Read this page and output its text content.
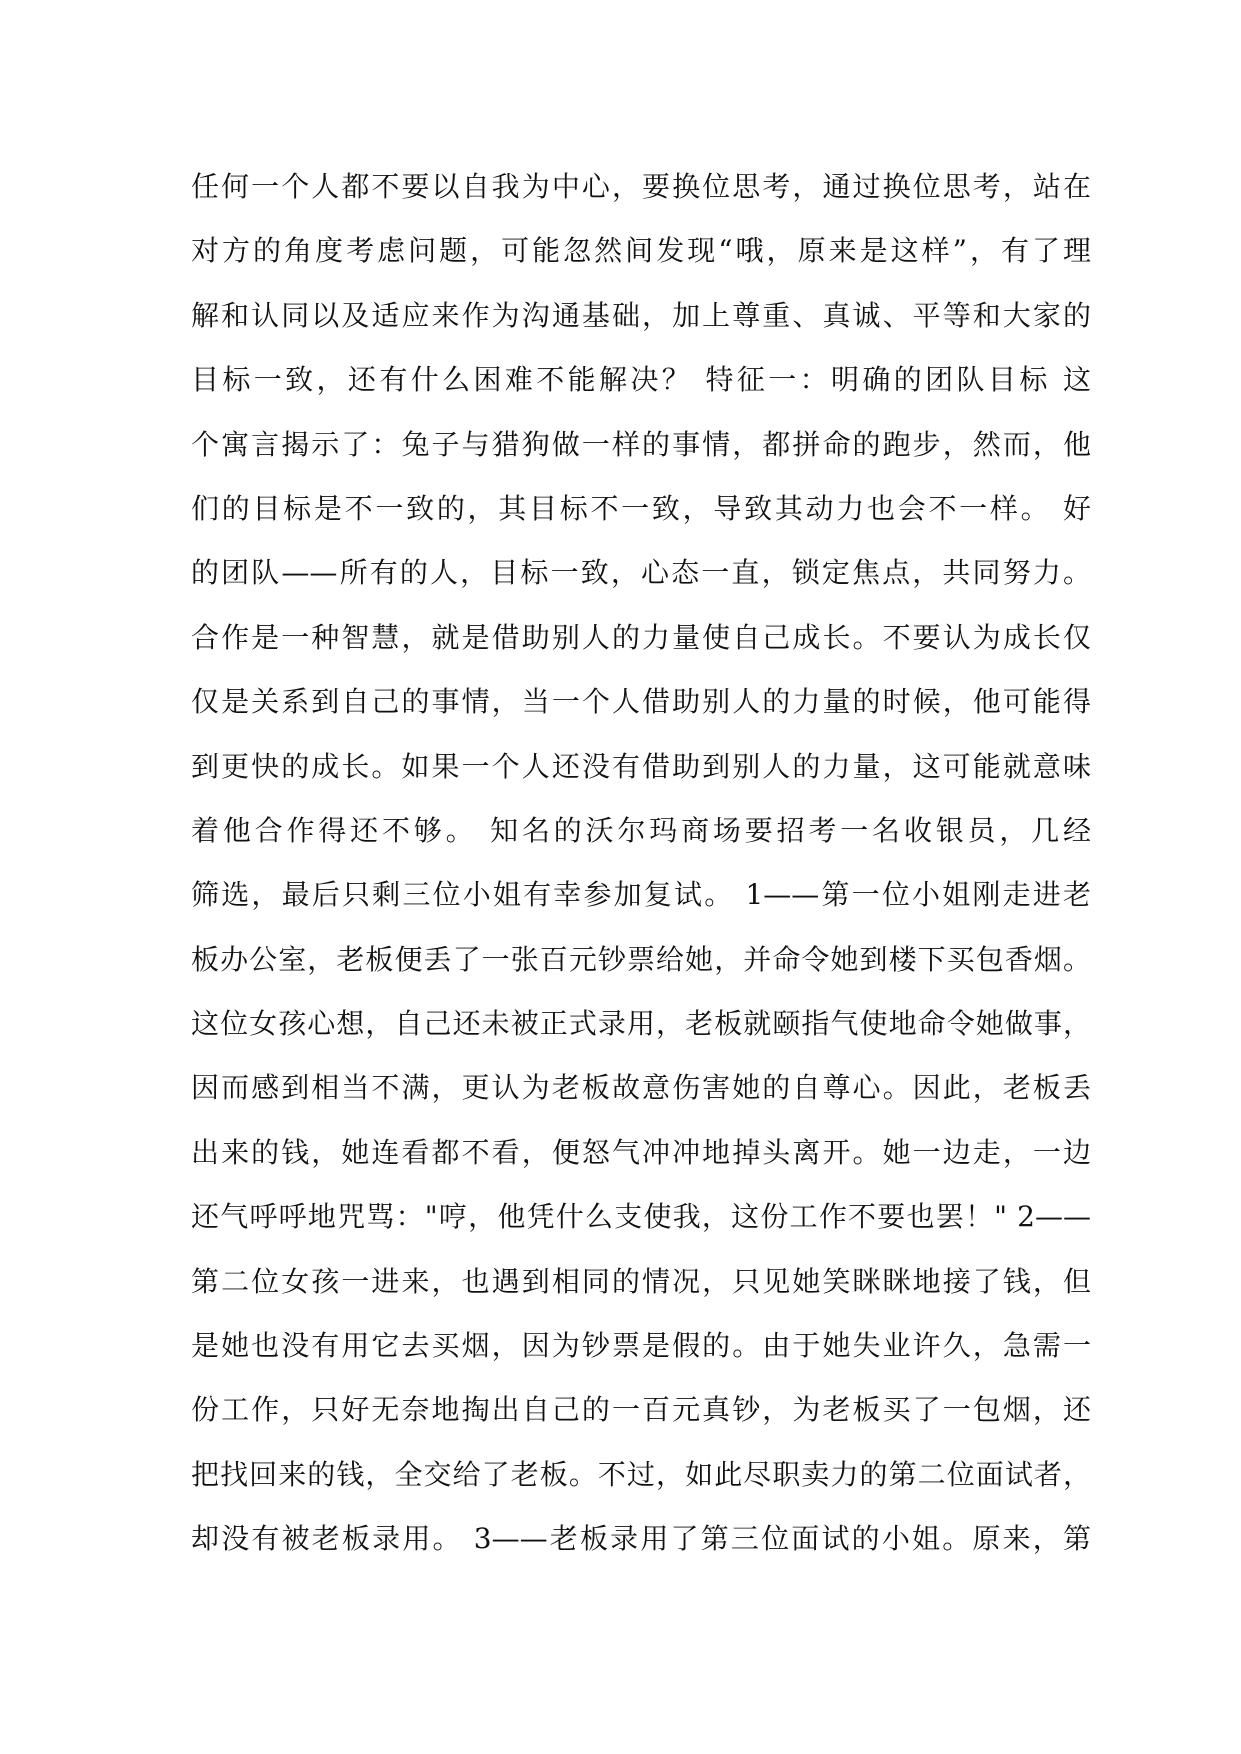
任何一个人都不要以自我为中心，要换位思考，通过换位思考，站在
对方的角度考虑问题，可能忽然间发现“哦，原来是这样”，有了理
解和认同以及适应来作为沟通基础，加上尊重、真诚、平等和大家的
目标一致，还有什么困难不能解决？ 特征一：明确的团队目标 这
个寓言揭示了：兔子与猎狗做一样的事情，都拼命的跑步，然而，他
们的目标是不一致的，其目标不一致，导致其动力也会不一样。 好
的团队——所有的人，目标一致，心态一直，锁定焦点，共同努力。
合作是一种智慧，就是借助别人的力量使自己成长。不要认为成长仅
仅是关系到自己的事情，当一个人借助别人的力量的时候，他可能得
到更快的成长。如果一个人还没有借助到别人的力量，这可能就意味
着他合作得还不够。 知名的沃尔玛商场要招考一名收银员，几经
筛选，最后只剩三位小姐有幸参加复试。 1——第一位小姐刚走进老
板办公室，老板便丢了一张百元钞票给她，并命令她到楼下买包香烟。
这位女孩心想，自己还未被正式录用，老板就颐指气使地命令她做事，
因而感到相当不满，更认为老板故意伤害她的自尊心。因此，老板丢
出来的钱，她连看都不看，便怒气冲冲地掉头离开。她一边走，一边
还气呼呼地咒骂："哼，他凭什么支使我，这份工作不要也罢！" 2——
第二位女孩一进来，也遇到相同的情况，只见她笑眯眯地接了钱，但
是她也没有用它去买烟，因为钞票是假的。由于她失业许久，急需一
份工作，只好无奈地掏出自己的一百元真钞，为老板买了一包烟，还
把找回来的钱，全交给了老板。不过，如此尽职卖力的第二位面试者，
却没有被老板录用。 3——老板录用了第三位面试的小姐。原来，第
